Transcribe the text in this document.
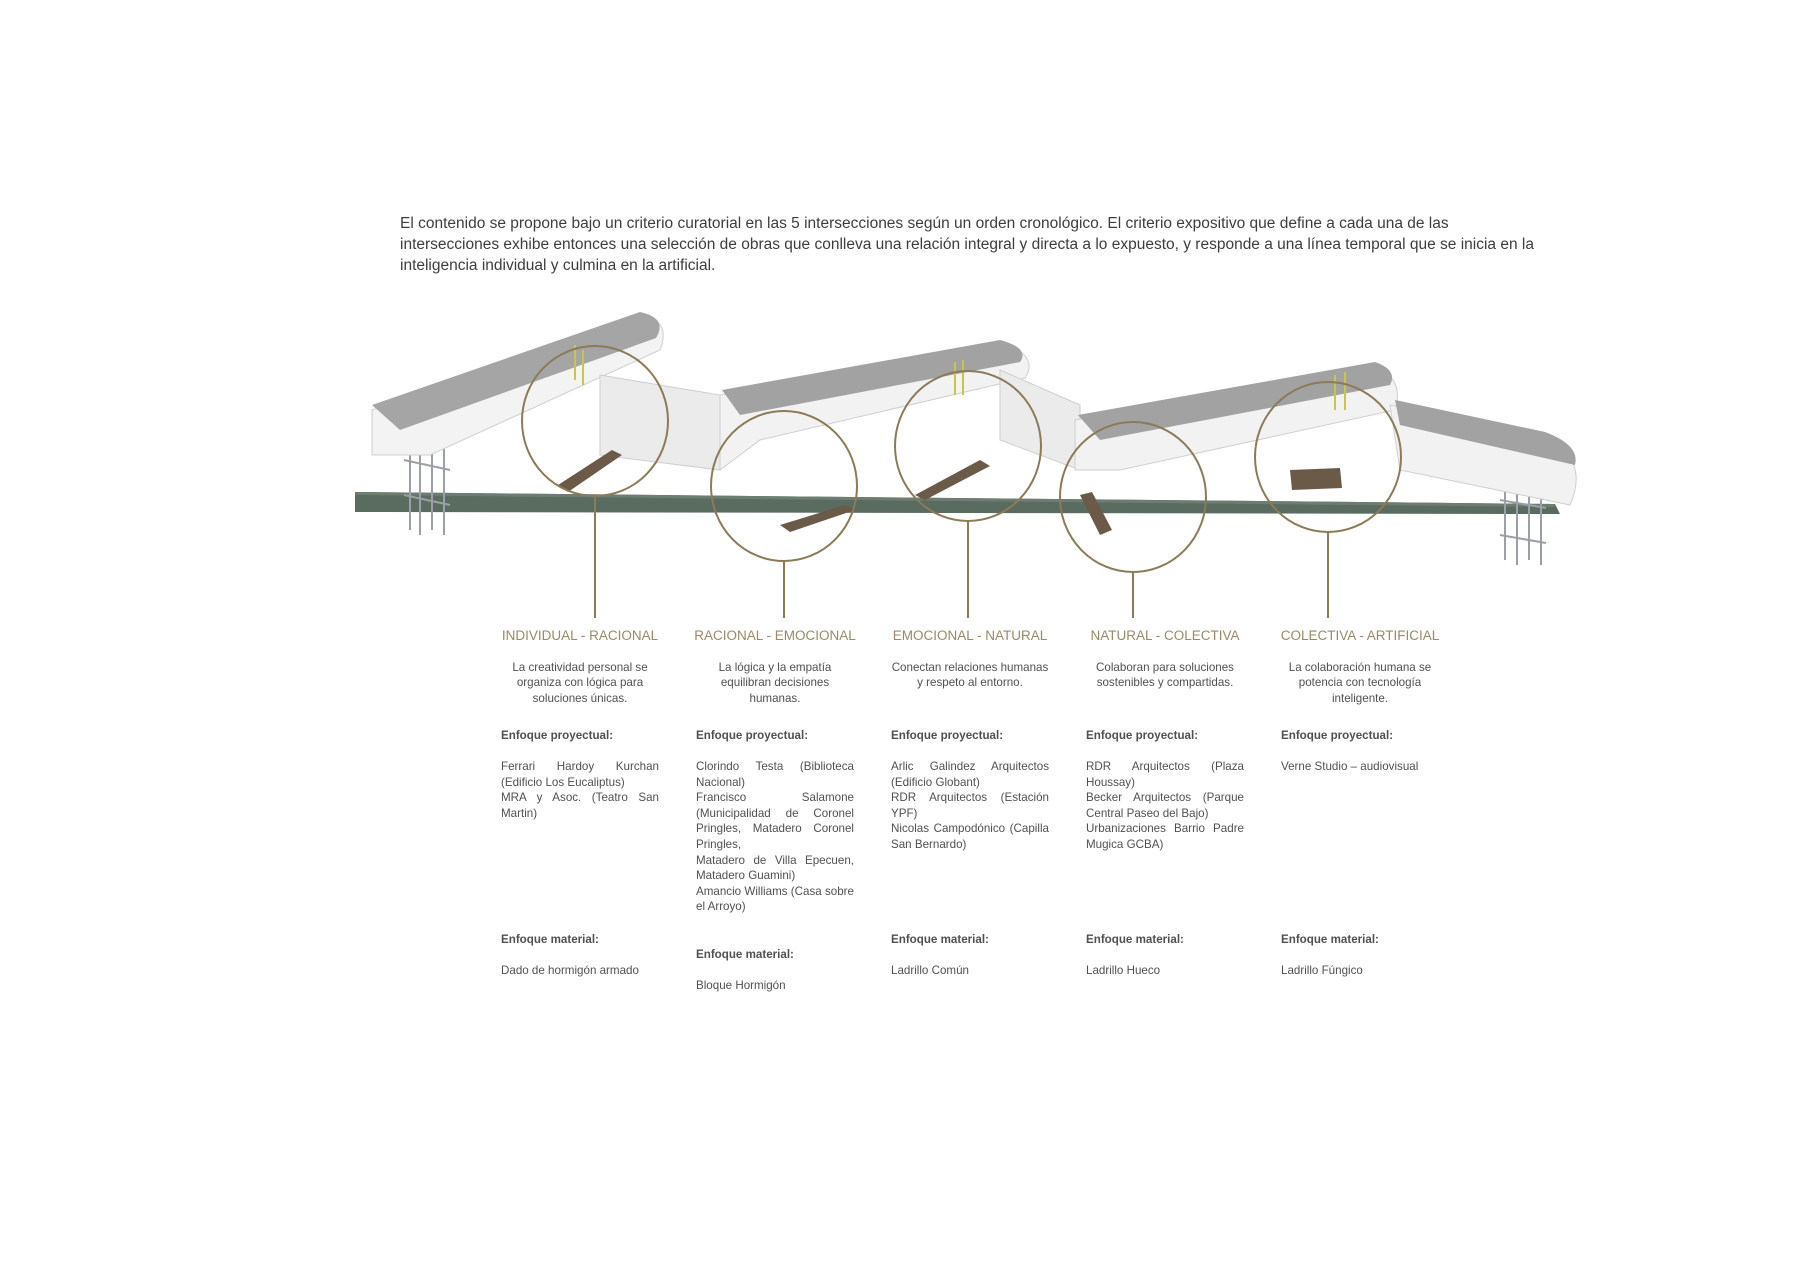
El contenido se propone bajo un criterio curatorial en las 5 intersecciones según un orden cronológico. El criterio expositivo que define a cada una de las intersecciones exhibe entonces una selección de obras que conlleva una relación integral y directa a lo expuesto, y responde a una línea temporal que se inicia en la inteligencia individual y culmina en la artificial.

INDIVIDUAL - RACIONAL

La creatividad personal se organiza con lógica para soluciones únicas.

Enfoque proyectual:

Ferrari Hardoy Kurchan (Edificio Los Eucaliptus)
MRA y Asoc. (Teatro San Martin)

Enfoque material:

Dado de hormigón armado

RACIONAL - EMOCIONAL

La lógica y la empatía equilibran decisiones humanas.

Enfoque proyectual:

Clorindo Testa (Biblioteca Nacional)
Francisco Salamone (Municipalidad de Coronel Pringles, Matadero Coronel Pringles,
Matadero de Villa Epecuen, Matadero Guamini)
Amancio Williams (Casa sobre el Arroyo)

Enfoque material:

Bloque Hormigón

EMOCIONAL - NATURAL

Conectan relaciones humanas y respeto al entorno.

Enfoque proyectual:

Arlic Galindez Arquitectos (Edificio Globant)
RDR Arquitectos (Estación YPF)
Nicolas Campodónico (Capilla San Bernardo)

Enfoque material:

Ladrillo Común

NATURAL - COLECTIVA

Colaboran para soluciones sostenibles y compartidas.

Enfoque proyectual:

RDR Arquitectos (Plaza Houssay)
Becker Arquitectos (Parque Central Paseo del Bajo)
Urbanizaciones Barrio Padre Mugica GCBA)

Enfoque material:

Ladrillo Hueco

COLECTIVA - ARTIFICIAL

La colaboración humana se potencia con tecnología inteligente.

Enfoque proyectual:

Verne Studio – audiovisual

Enfoque material:

Ladrillo Fúngico
